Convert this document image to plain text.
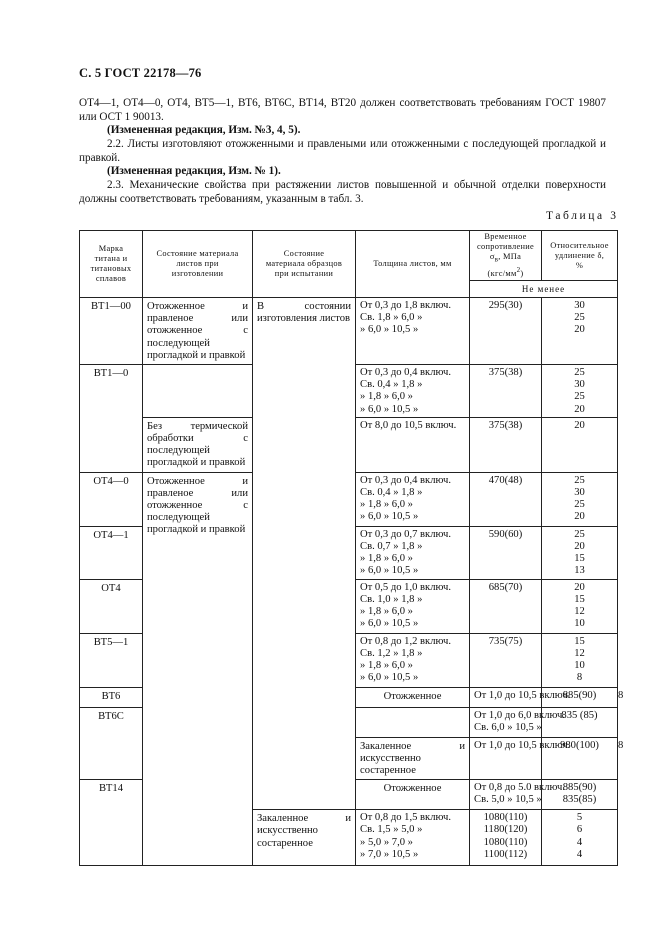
С. 5 ГОСТ 22178—76

ОТ4—1, ОТ4—0, ОТ4, ВТ5—1, ВТ6, ВТ6С, ВТ14, ВТ20 должен соответствовать требованиям ГОСТ 19807 или ОСТ 1 90013.

(Измененная редакция, Изм. №3, 4, 5).

2.2. Листы изготовляют отожженными и правлеными или отожженными с последующей прогладкой и правкой.

(Измененная редакция, Изм. № 1).

2.3. Механические свойства при растяжении листов повышенной и обычной отделки поверхности должны соответствовать требованиям, указанным в табл. 3.

Таблица 3
Марка титана и титановых сплавов	Состояние материала листов при изготовлении	Состояние материала образцов при испытании	Толщина листов, мм	Временное
сопротивление
$\sigma_в$, МПа
$(кгс/мм^2)$	Относительное
удлинение δ,
%	
				Не менее		
ВТ1—00	Отожженное и правленое или отожженное с последующей прогладкой и правкой	В состоянии изготовления листов	От 0,3 до 1,8 включ.
Св. 1,8 » 6,0 »
» 6,0 » 10,5 »	295(30)	30
25
20	

ВТ1—0			От 0,3 до 0,4 включ.
Св. 0,4 » 1,8 »
» 1,8 » 6,0 »
» 6,0 » 10,5 »	375(38)	25
30
25
20	

	Без термической обработки с последующей прогладкой и правкой		От 8,0 до 10,5 включ.	375(38)	20	
ОТ4—0	Отожженное и правленое или отожженное с последующей прогладкой и правкой		От 0,3 до 0,4 включ.
Св. 0,4 » 1,8 »
» 1,8 » 6,0 »
» 6,0 » 10,5 »	470(48)	25
30
25
20	

ОТ4—1			От 0,3 до 0,7 включ.
Св. 0,7 » 1,8 »
» 1,8 » 6,0 »
» 6,0 » 10,5 »	590(60)	25
20
15
13	

ОТ4			От 0,5 до 1,0 включ.
Св. 1,0 » 1,8 »
» 1,8 » 6,0 »
» 6,0 » 10,5 »	685(70)	20
15
12
10	

ВТ5—1			От 0,8 до 1,2 включ.
Св. 1,2 » 1,8 »
» 1,8 » 6,0 »
» 6,0 » 10,5 »	735(75)	15
12
10
8	

ВТ6			Отожженное	От 1,0 до 10,5 включ.	885(90)	8
ВТ6С				От 1,0 до 6,0 включ.
Св. 6,0 » 10,5 »	835 (85)	

			Закаленное и искусственно состаренное	От 1,0 до 10,5 включ.	980(100)	8
ВТ14			Отожженное	От 0,8 до 5.0 включ.
Св. 5,0 » 10,5 »	885(90)
835(85)

		Закаленное и искусственно состаренное	От 0,8 до 1,5 включ.
Св. 1,5 » 5,0 »
» 5,0 » 7,0 »
» 7,0 » 10,5 »	1080(110)
1180(120)
1080(110)
1100(112)	5
6
4
4	
